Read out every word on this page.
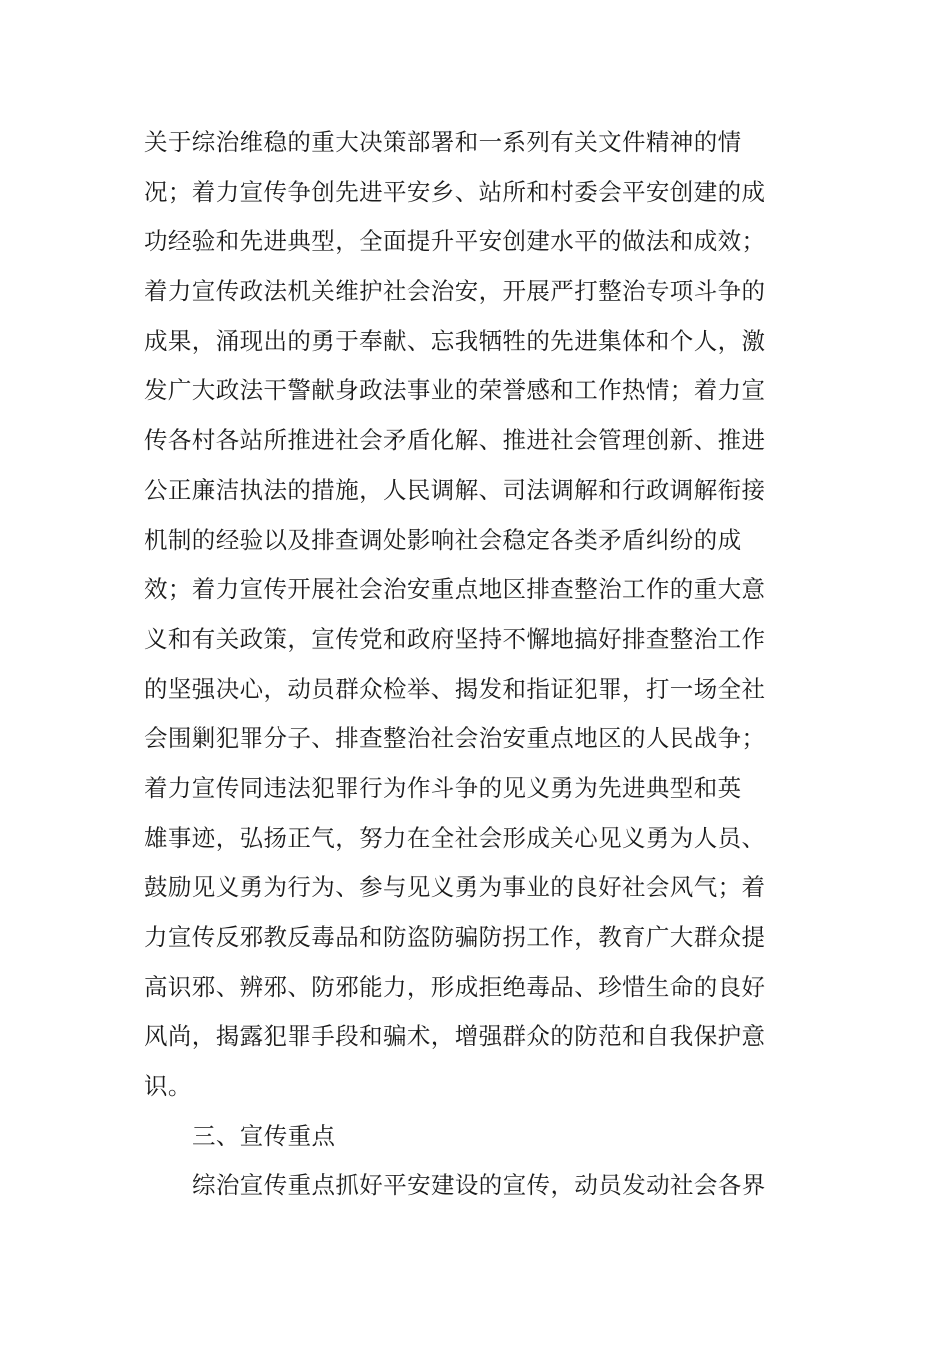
关于综治维稳的重大决策部署和一系列有关文件精神的情
况；着力宣传争创先进平安乡、站所和村委会平安创建的成
功经验和先进典型，全面提升平安创建水平的做法和成效；
着力宣传政法机关维护社会治安，开展严打整治专项斗争的
成果，涌现出的勇于奉献、忘我牺牲的先进集体和个人，激
发广大政法干警献身政法事业的荣誉感和工作热情；着力宣
传各村各站所推进社会矛盾化解、推进社会管理创新、推进
公正廉洁执法的措施，人民调解、司法调解和行政调解衔接
机制的经验以及排查调处影响社会稳定各类矛盾纠纷的成
效；着力宣传开展社会治安重点地区排查整治工作的重大意
义和有关政策，宣传党和政府坚持不懈地搞好排查整治工作
的坚强决心，动员群众检举、揭发和指证犯罪，打一场全社
会围剿犯罪分子、排查整治社会治安重点地区的人民战争；
着力宣传同违法犯罪行为作斗争的见义勇为先进典型和英
雄事迹，弘扬正气，努力在全社会形成关心见义勇为人员、
鼓励见义勇为行为、参与见义勇为事业的良好社会风气；着
力宣传反邪教反毒品和防盗防骗防拐工作，教育广大群众提
高识邪、辨邪、防邪能力，形成拒绝毒品、珍惜生命的良好
风尚，揭露犯罪手段和骗术，增强群众的防范和自我保护意
识。
三、宣传重点
综治宣传重点抓好平安建设的宣传，动员发动社会各界
